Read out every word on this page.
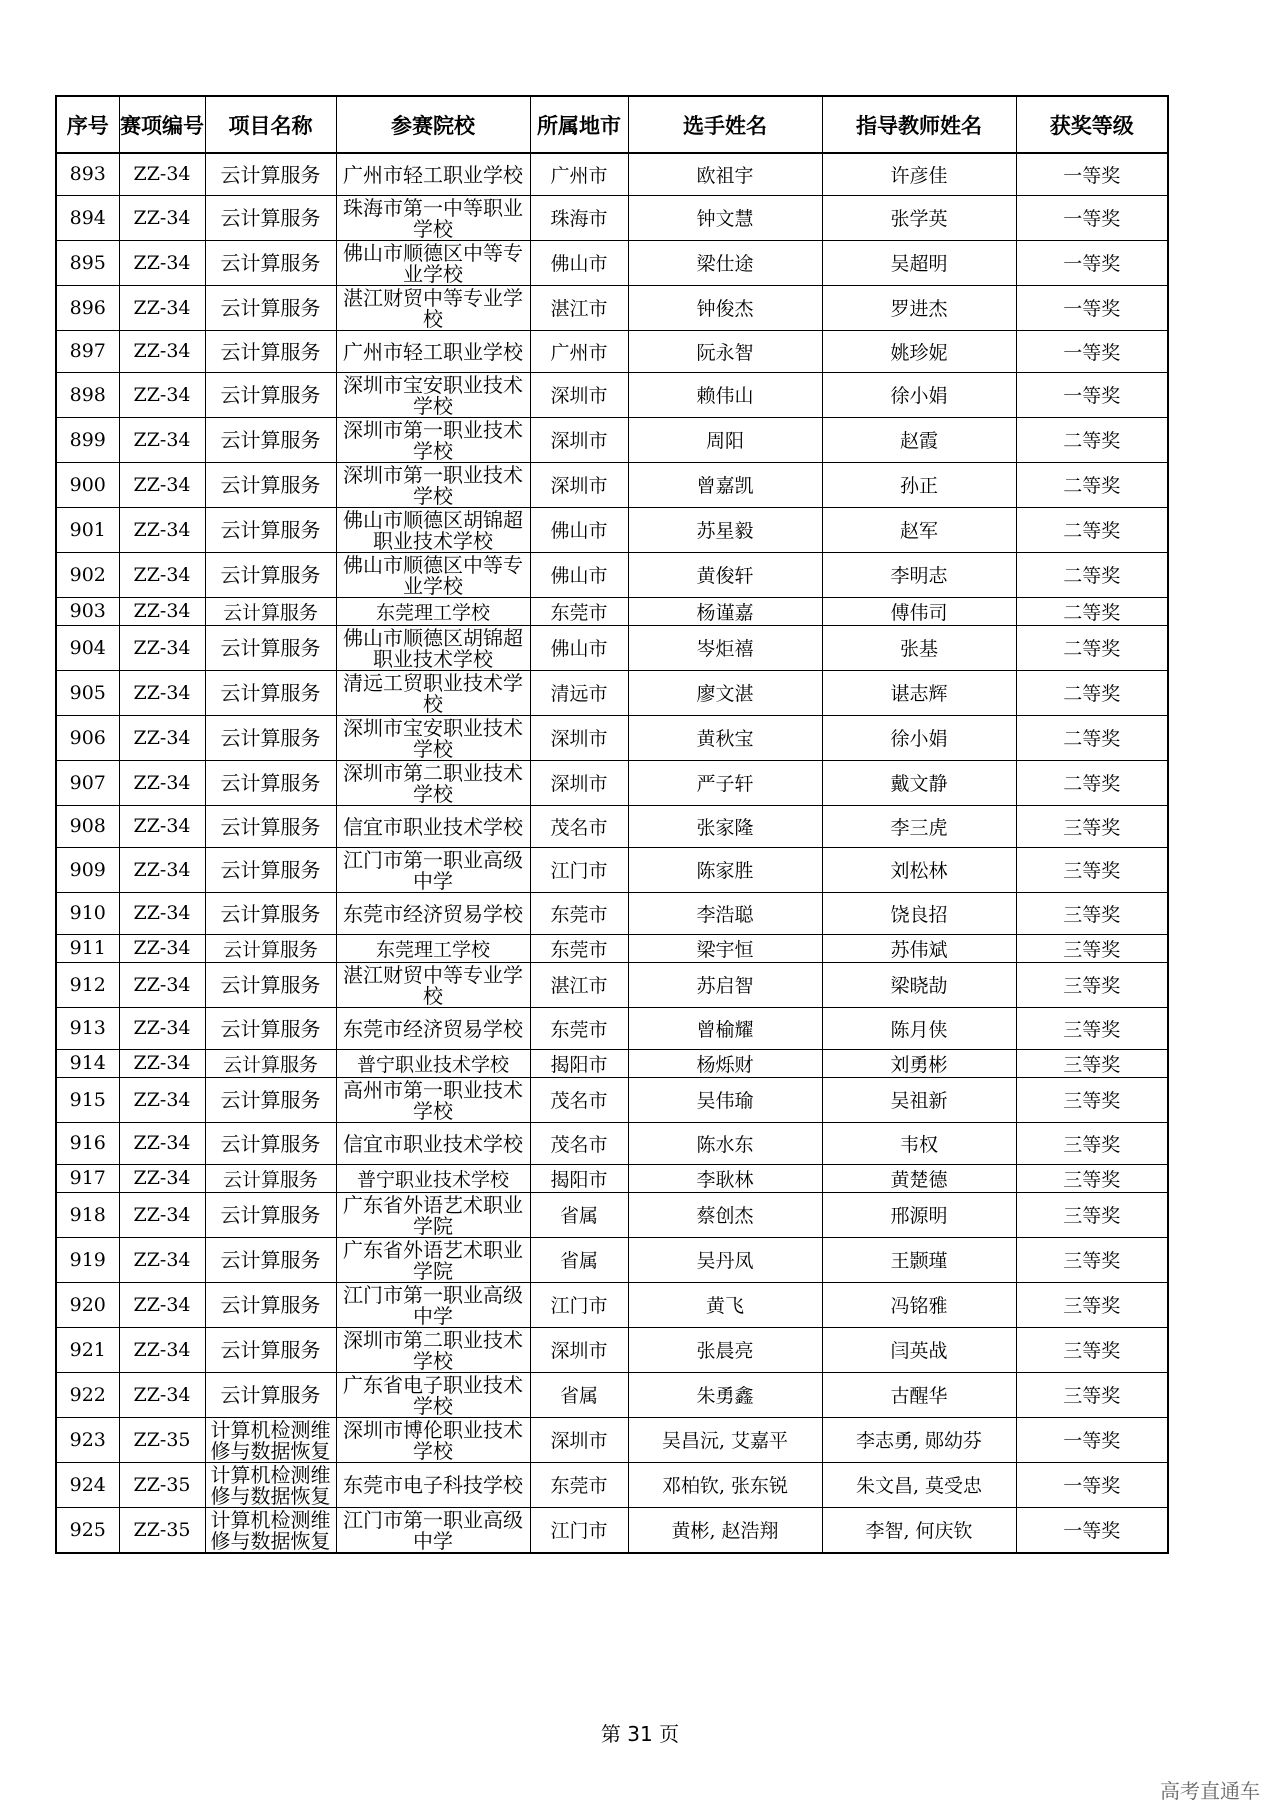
序号	赛项编号	项目名称	参赛院校	所属地市	选手姓名	指导教师姓名	获奖等级
893	ZZ-34	云计算服务	广州市轻工职业学校	广州市	欧祖宇	许彦佳	一等奖
894	ZZ-34	云计算服务	珠海市第一中等职业学校	珠海市	钟文慧	张学英	一等奖
895	ZZ-34	云计算服务	佛山市顺德区中等专业学校	佛山市	梁仕途	吴超明	一等奖
896	ZZ-34	云计算服务	湛江财贸中等专业学校	湛江市	钟俊杰	罗进杰	一等奖
897	ZZ-34	云计算服务	广州市轻工职业学校	广州市	阮永智	姚珍妮	一等奖
898	ZZ-34	云计算服务	深圳市宝安职业技术学校	深圳市	赖伟山	徐小娟	一等奖
899	ZZ-34	云计算服务	深圳市第一职业技术学校	深圳市	周阳	赵霞	二等奖
900	ZZ-34	云计算服务	深圳市第一职业技术学校	深圳市	曾嘉凯	孙正	二等奖
901	ZZ-34	云计算服务	佛山市顺德区胡锦超职业技术学校	佛山市	苏星毅	赵军	二等奖
902	ZZ-34	云计算服务	佛山市顺德区中等专业学校	佛山市	黄俊轩	李明志	二等奖
903	ZZ-34	云计算服务	东莞理工学校	东莞市	杨谨嘉	傅伟司	二等奖
904	ZZ-34	云计算服务	佛山市顺德区胡锦超职业技术学校	佛山市	岑炬禧	张基	二等奖
905	ZZ-34	云计算服务	清远工贸职业技术学校	清远市	廖文湛	谌志辉	二等奖
906	ZZ-34	云计算服务	深圳市宝安职业技术学校	深圳市	黄秋宝	徐小娟	二等奖
907	ZZ-34	云计算服务	深圳市第二职业技术学校	深圳市	严子轩	戴文静	二等奖
908	ZZ-34	云计算服务	信宜市职业技术学校	茂名市	张家隆	李三虎	三等奖
909	ZZ-34	云计算服务	江门市第一职业高级中学	江门市	陈家胜	刘松林	三等奖
910	ZZ-34	云计算服务	东莞市经济贸易学校	东莞市	李浩聪	饶良招	三等奖
911	ZZ-34	云计算服务	东莞理工学校	东莞市	梁宇恒	苏伟斌	三等奖
912	ZZ-34	云计算服务	湛江财贸中等专业学校	湛江市	苏启智	梁晓劼	三等奖
913	ZZ-34	云计算服务	东莞市经济贸易学校	东莞市	曾榆耀	陈月侠	三等奖
914	ZZ-34	云计算服务	普宁职业技术学校	揭阳市	杨烁财	刘勇彬	三等奖
915	ZZ-34	云计算服务	高州市第一职业技术学校	茂名市	吴伟瑜	吴祖新	三等奖
916	ZZ-34	云计算服务	信宜市职业技术学校	茂名市	陈水东	韦权	三等奖
917	ZZ-34	云计算服务	普宁职业技术学校	揭阳市	李耿林	黄楚德	三等奖
918	ZZ-34	云计算服务	广东省外语艺术职业学院	省属	蔡创杰	邢源明	三等奖
919	ZZ-34	云计算服务	广东省外语艺术职业学院	省属	吴丹凤	王颢瑾	三等奖
920	ZZ-34	云计算服务	江门市第一职业高级中学	江门市	黄飞	冯铭雅	三等奖
921	ZZ-34	云计算服务	深圳市第二职业技术学校	深圳市	张晨亮	闫英战	三等奖
922	ZZ-34	云计算服务	广东省电子职业技术学校	省属	朱勇鑫	古醒华	三等奖
923	ZZ-35	计算机检测维修与数据恢复	深圳市博伦职业技术学校	深圳市	吴昌沅, 艾嘉平	李志勇, 郧幼芬	一等奖
924	ZZ-35	计算机检测维修与数据恢复	东莞市电子科技学校	东莞市	邓柏钦, 张东锐	朱文昌, 莫受忠	一等奖
925	ZZ-35	计算机检测维修与数据恢复	江门市第一职业高级中学	江门市	黄彬, 赵浩翔	李智, 何庆钦	一等奖
第 31 页
高考直通车
